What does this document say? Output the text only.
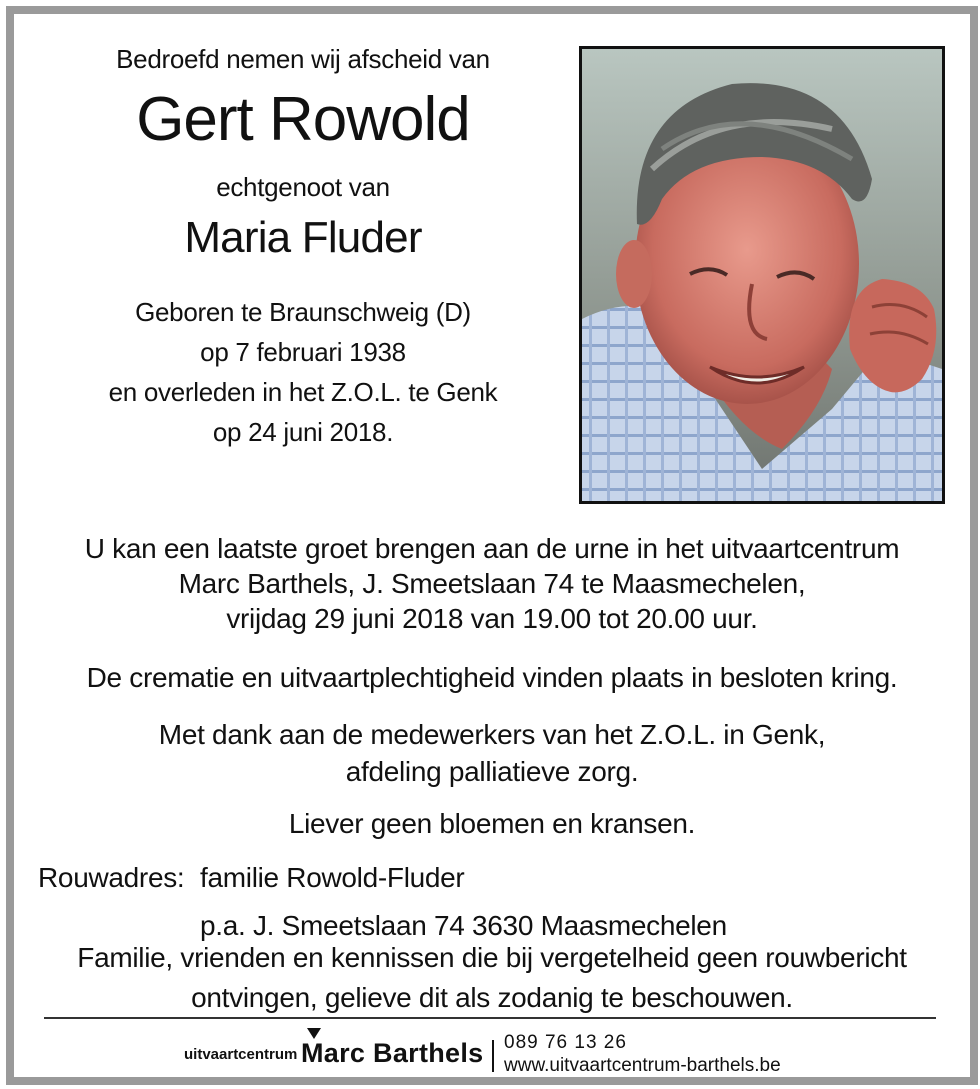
Bedroefd nemen wij afscheid van
Gert Rowold
echtgenoot van
Maria Fluder
Geboren te Braunschweig (D)
op 7 februari 1938
en overleden in het Z.O.L. te Genk
op 24 juni 2018.
U kan een laatste groet brengen aan de urne in het uitvaartcentrum
Marc Barthels, J. Smeetslaan 74 te Maasmechelen,
vrijdag 29 juni 2018 van 19.00 tot 20.00 uur.
De crematie en uitvaartplechtigheid vinden plaats in besloten kring.
Met dank aan de medewerkers van het Z.O.L. in Genk,
afdeling palliatieve zorg.
Liever geen bloemen en kransen.
Rouwadres: familie Rowold-Fluder
p.a. J. Smeetslaan 74 3630 Maasmechelen
Familie, vrienden en kennissen die bij vergetelheid geen rouwbericht
ontvingen, gelieve dit als zodanig te beschouwen.
uitvaartcentrum Marc Barthels 089 76 13 26
www.uitvaartcentrum-barthels.be
